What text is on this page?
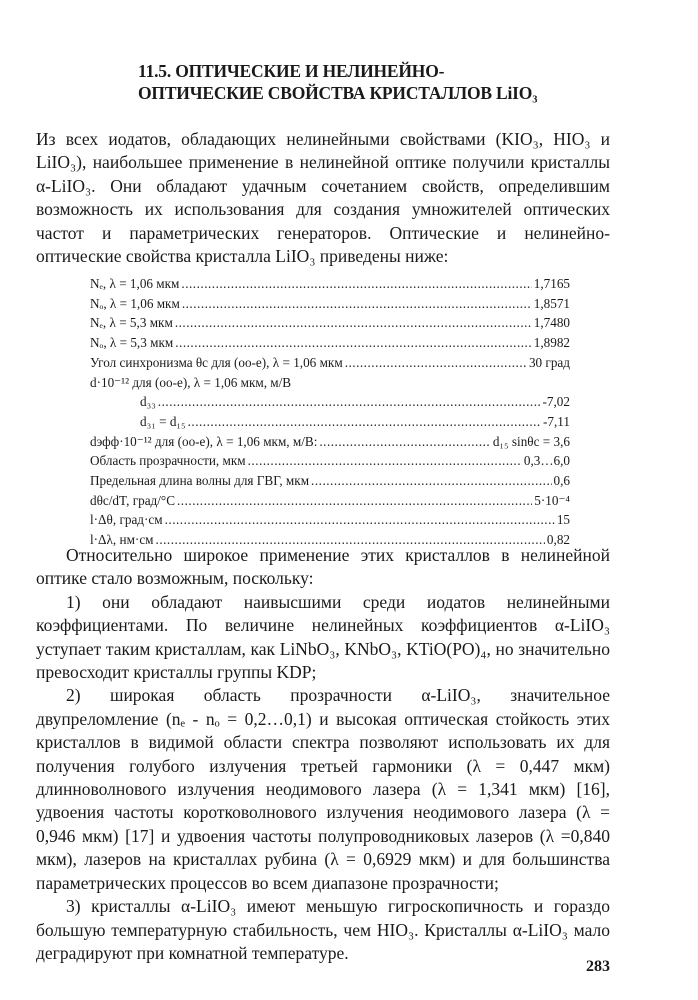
11.5. ОПТИЧЕСКИЕ И НЕЛИНЕЙНО-

ОПТИЧЕСКИЕ СВОЙСТВА КРИСТАЛЛОВ LiIO₃

Из всех иодатов, обладающих нелинейными свойствами (KIO₃, HIO₃ и LiIO₃), наибольшее применение в нелинейной оптике получили кристаллы α-LiIO₃. Они обладают удачным сочетанием свойств, определившим возможность их использования для создания умножителей оптических частот и параметрических генераторов. Оптические и нелинейно-оптические свойства кристалла LiIO₃ приведены ниже:

Nₑ, λ = 1,06 мкм .....	1,7165
Nₒ, λ = 1,06 мкм .....	1,8571
Nₑ, λ = 5,3 мкм .....	1,7480
Nₒ, λ = 5,3 мкм .....	1,8982
Угол синхронизма θc для (oo-e), λ = 1,06 мкм .....	30 град
d·10⁻¹² для (oo-e), λ = 1,06 мкм, м/В
d₃₃ .....	-7,02
d₃₁ = d₁₅ .....	-7,11
dэфф·10⁻¹² для (oo-e), λ = 1,06 мкм, м/В: .....	d₁₅ sinθc = 3,6
Область прозрачности, мкм .....	0,3…6,0
Предельная длина волны для ГВГ, мкм .....	0,6
dθc/dT, град/°C .....	5·10⁻⁴
l·Δθ, град·см .....	15
l·Δλ, нм·см .....	0,82

Относительно широкое применение этих кристаллов в нелинейной оптике стало возможным, поскольку:

1) они обладают наивысшими среди иодатов нелинейными коэффициентами. По величине нелинейных коэффициентов α-LiIO₃ уступает таким кристаллам, как LiNbO₃, KNbO₃, KTiO(PO)₄, но значительно превосходит кристаллы группы KDP;

2) широкая область прозрачности α-LiIO₃, значительное двупреломление (nₑ - nₒ = 0,2…0,1) и высокая оптическая стойкость этих кристаллов в видимой области спектра позволяют использовать их для получения голубого излучения третьей гармоники (λ = 0,447 мкм) длинноволнового излучения неодимового лазера (λ = 1,341 мкм) [16], удвоения частоты коротковолнового излучения неодимового лазера (λ = 0,946 мкм) [17] и удвоения частоты полупроводниковых лазеров (λ =0,840 мкм), лазеров на кристаллах рубина (λ = 0,6929 мкм) и для большинства параметрических процессов во всем диапазоне прозрачности;

3) кристаллы α-LiIO₃ имеют меньшую гигроскопичность и гораздо большую температурную стабильность, чем HIO₃. Кристаллы α-LiIO₃ мало деградируют при комнатной температуре.

283
